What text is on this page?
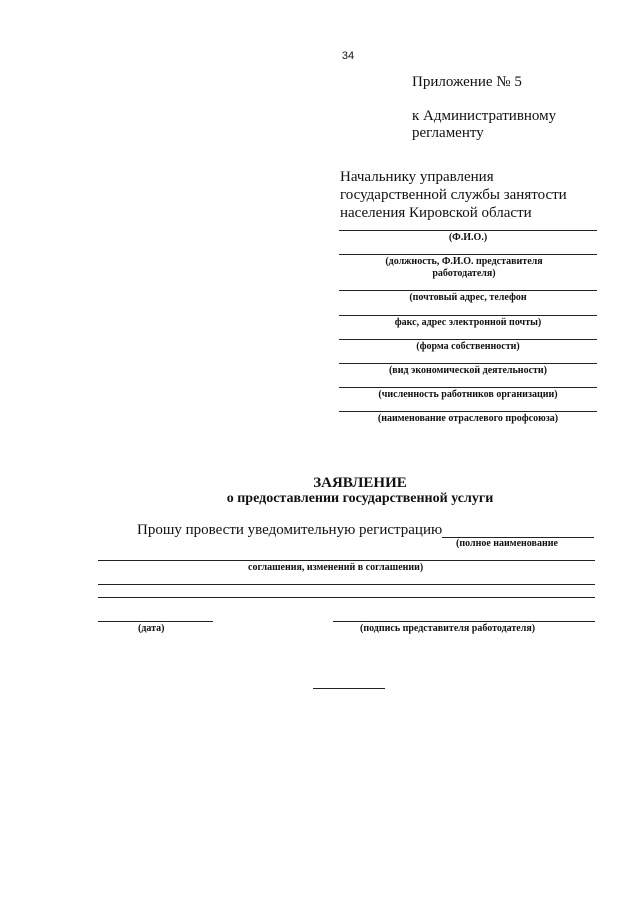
34
Приложение № 5
к Административному
регламенту
Начальнику управления
государственной службы занятости
населения Кировской области
(Ф.И.О.)
(должность, Ф.И.О. представителя работодателя)
(почтовый адрес, телефон
факс, адрес электронной почты)
(форма собственности)
(вид экономической деятельности)
(численность работников организации)
(наименование отраслевого профсоюза)
ЗАЯВЛЕНИЕ
о предоставлении государственной услуги
Прошу провести уведомительную регистрацию
(полное наименование
соглашения, изменений в соглашении)
(дата)	(подпись представителя работодателя)
